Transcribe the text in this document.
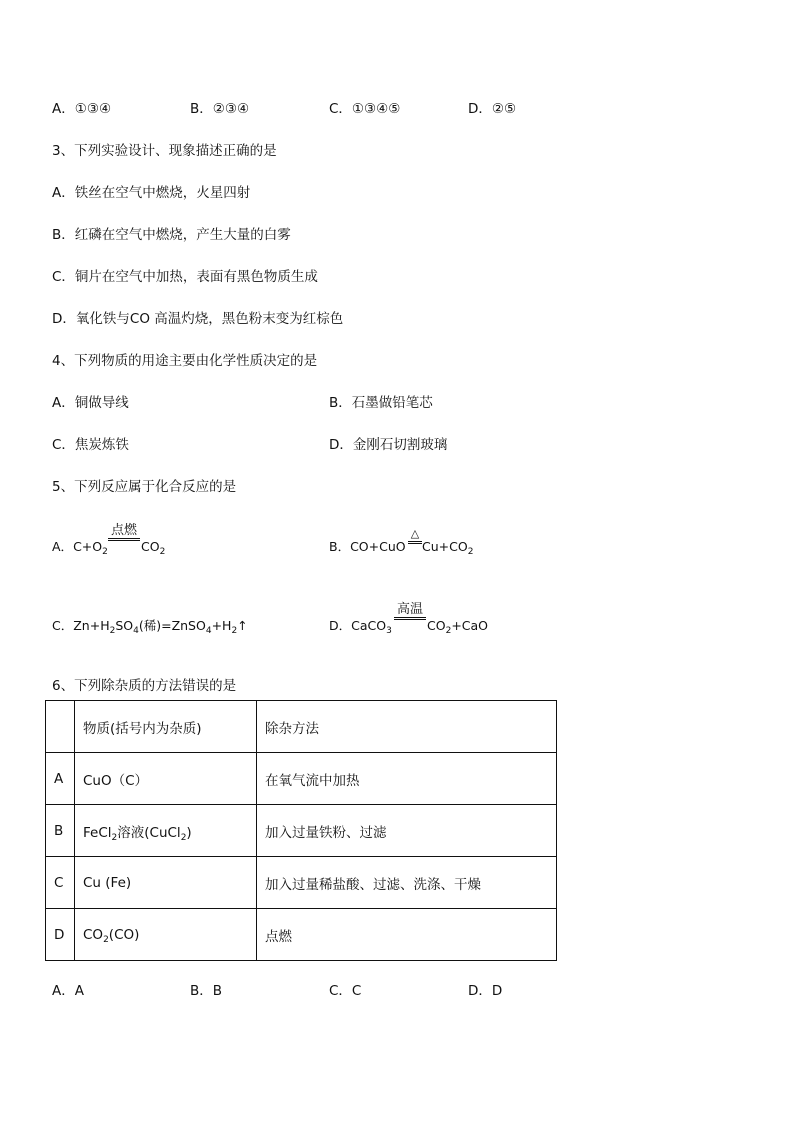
A．①③④	B．②③④	C．①③④⑤	D．②⑤
3、下列实验设计、现象描述正确的是
A．铁丝在空气中燃烧，火星四射
B．红磷在空气中燃烧，产生大量的白雾
C．铜片在空气中加热，表面有黑色物质生成
D．氧化铁与CO 高温灼烧，黑色粉末变为红棕色
4、下列物质的用途主要由化学性质决定的是
A．铜做导线	B．石墨做铅笔芯
C．焦炭炼铁	D．金刚石切割玻璃
5、下列反应属于化合反应的是
A．$C+O_2$
点燃
$CO_2$	B．CO+CuO
△
$Cu+CO_2$
C．$Zn+H_2SO_4$(稀)$=ZnSO_4+H_2↑$	D．CaCO$_3$
高温
$CO_2+CaO$
6、下列除杂质的方法错误的是
	物质(括号内为杂质)	除杂方法
A	CuO（C）	在氧气流中加热
B	FeCl$_2$溶液(CuCl$_2$)	加入过量铁粉、过滤
C	Cu (Fe)	加入过量稀盐酸、过滤、洗涤、干燥
D	$CO_2(CO)$	点燃
A．A	B．B	C．C	D．D
